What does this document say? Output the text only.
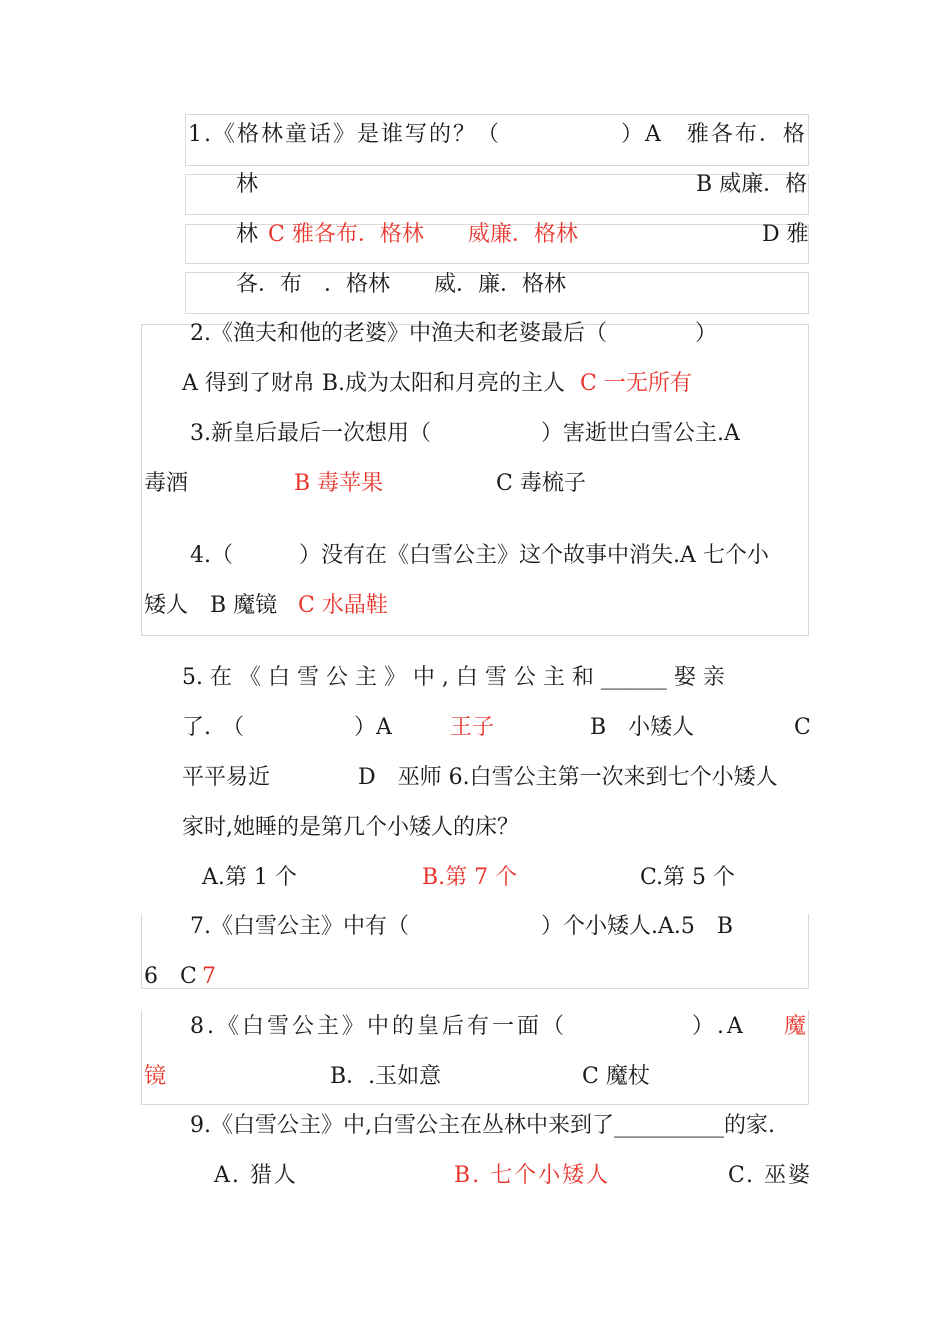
1.《格林童话》是谁写的？（　　　　　）A　雅各布．格
林	B 威廉．格
林 C 雅各布．格林　　威廉．格林	D 雅
各．布　．格林　　威．廉．格林
2.《渔夫和他的老婆》中渔夫和老婆最后（　　　　）
A 得到了财帛 B.成为太阳和月亮的主人 C 一无所有
3.新皇后最后一次想用（　　　　　）害逝世白雪公主.A
毒酒	B 毒苹果	C 毒梳子
4.（　　　）没有在《白雪公主》这个故事中消失.A 七个小
矮人　B 魔镜 C 水晶鞋
5. 在 《 白 雪 公 主 》 中 , 白 雪 公 主 和 ______ 娶 亲
了.　（　　　　　）A	王子	B　小矮人	C
平平易近　　　　D　巫师 6.白雪公主第一次来到七个小矮人
家时,她睡的是第几个小矮人的床？
A.第 1 个	B.第 7 个	C.第 5 个
7.《白雪公主》中有（　　　　　　）个小矮人.A.5　B
6　C 7
8.《白雪公主》中的皇后有一面（　　　　　）.A 魔
镜	B．.玉如意	C 魔杖
9.《白雪公主》中,白雪公主在丛林中来到了__________的家.
A. 猎人	B. 七个小矮人	C. 巫婆
